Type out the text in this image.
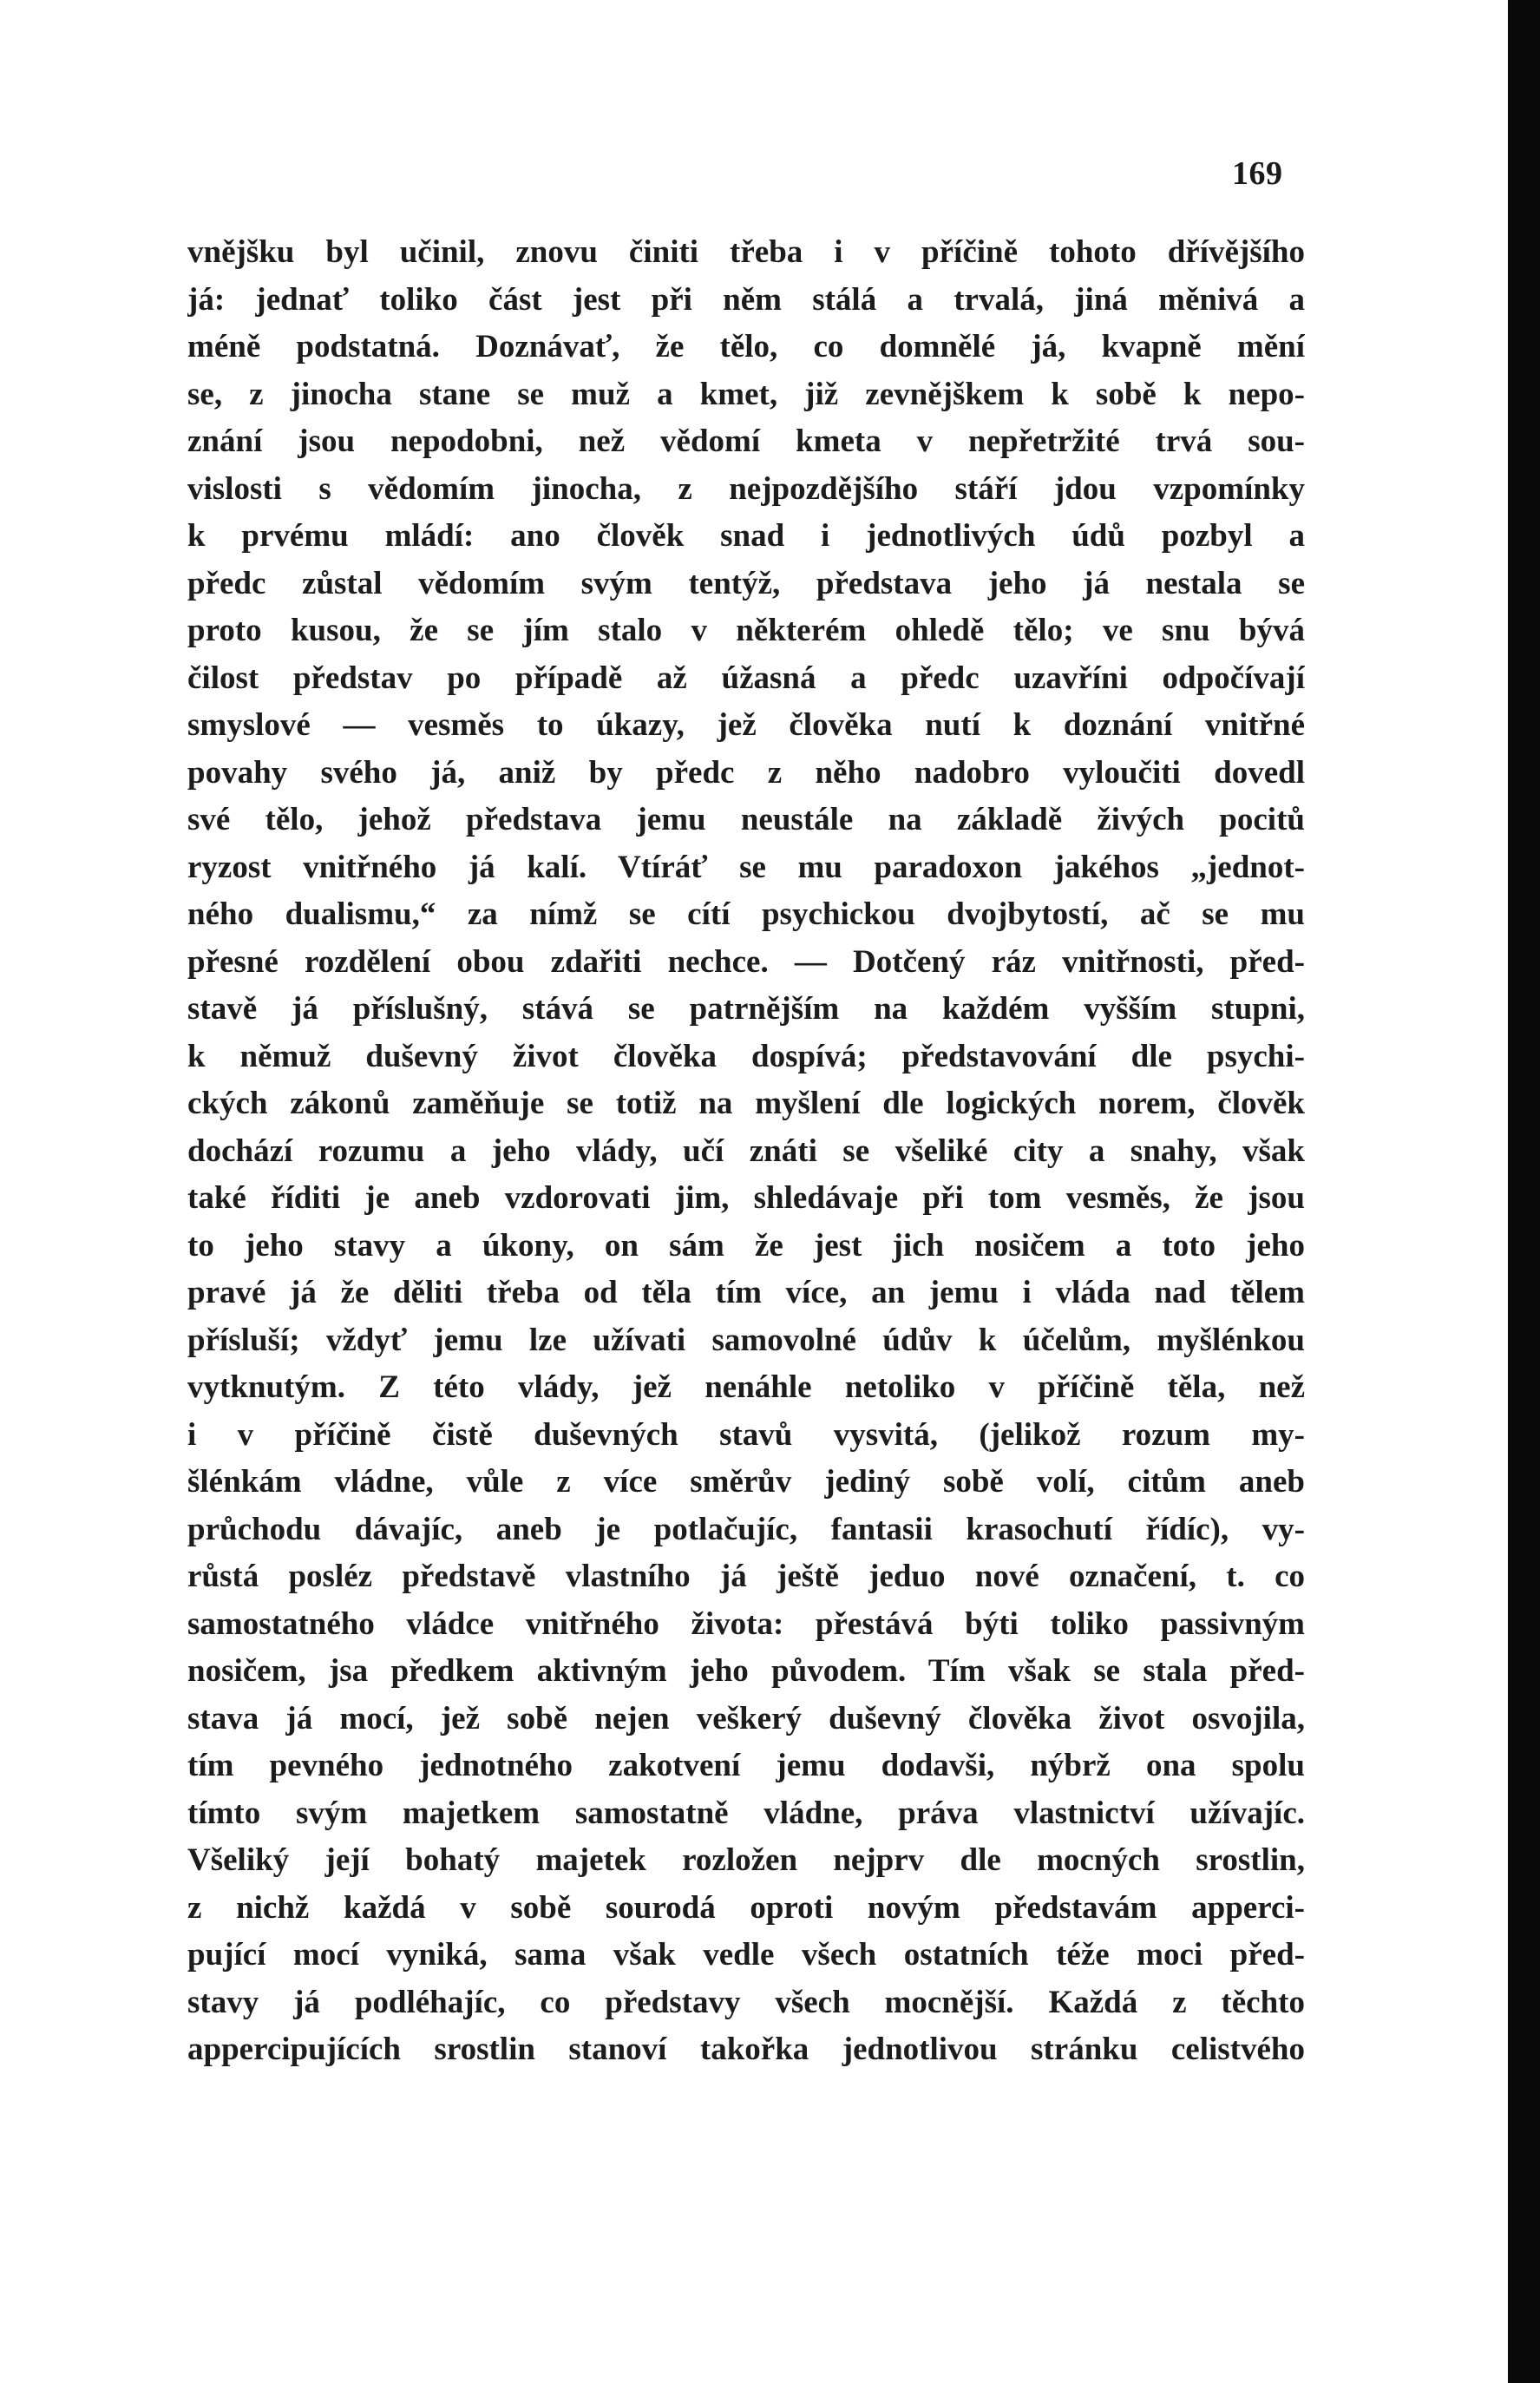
169
vnějšku byl učinil, znovu činiti třeba i v příčině tohoto dřívějšího
já: jednať toliko část jest při něm stálá a trvalá, jiná měnivá a
méně podstatná. Doznávať, že tělo, co domnělé já, kvapně mění
se, z jinocha stane se muž a kmet, již zevnějškem k sobě k nepo-
znání jsou nepodobni, než vědomí kmeta v nepřetržité trvá sou-
vislosti s vědomím jinocha, z nejpozdějšího stáří jdou vzpomínky
k prvému mládí: ano člověk snad i jednotlivých údů pozbyl a
předc zůstal vědomím svým tentýž, představa jeho já nestala se
proto kusou, že se jím stalo v některém ohledě tělo; ve snu bývá
čilost představ po případě až úžasná a předc uzavříni odpočívají
smyslové — vesměs to úkazy, jež člověka nutí k doznání vnitřné
povahy svého já, aniž by předc z něho nadobro vyloučiti dovedl
své tělo, jehož představa jemu neustále na základě živých pocitů
ryzost vnitřného já kalí. Vtíráť se mu paradoxon jakéhos „jednot-
ného dualismu,“ za nímž se cítí psychickou dvojbytostí, ač se mu
přesné rozdělení obou zdařiti nechce. — Dotčený ráz vnitřnosti, před-
stavě já příslušný, stává se patrnějším na každém vyšším stupni,
k němuž duševný život člověka dospívá; představování dle psychi-
ckých zákonů zaměňuje se totiž na myšlení dle logických norem, člověk
dochází rozumu a jeho vlády, učí znáti se všeliké city a snahy, však
také říditi je aneb vzdorovati jim, shledávaje při tom vesměs, že jsou
to jeho stavy a úkony, on sám že jest jich nosičem a toto jeho
pravé já že děliti třeba od těla tím více, an jemu i vláda nad tělem
přísluší; vždyť jemu lze užívati samovolné údův k účelům, myšlénkou
vytknutým. Z této vlády, jež nenáhle netoliko v příčině těla, než
i v příčině čistě duševných stavů vysvitá, (jelikož rozum my-
šlénkám vládne, vůle z více směrův jediný sobě volí, citům aneb
průchodu dávajíc, aneb je potlačujíc, fantasii krasochutí řídíc), vy-
růstá posléz představě vlastního já ještě jeduo nové označení, t. co
samostatného vládce vnitřného života: přestává býti toliko passivným
nosičem, jsa předkem aktivným jeho původem. Tím však se stala před-
stava já mocí, jež sobě nejen veškerý duševný člověka život osvojila,
tím pevného jednotného zakotvení jemu dodavši, nýbrž ona spolu
tímto svým majetkem samostatně vládne, práva vlastnictví užívajíc.
Všeliký její bohatý majetek rozložen nejprv dle mocných srostlin,
z nichž každá v sobě sourodá oproti novým představám apperci-
pující mocí vyniká, sama však vedle všech ostatních téže moci před-
stavy já podléhajíc, co představy všech mocnější. Každá z těchto
appercipujících srostlin stanoví takořka jednotlivou stránku celistvého
